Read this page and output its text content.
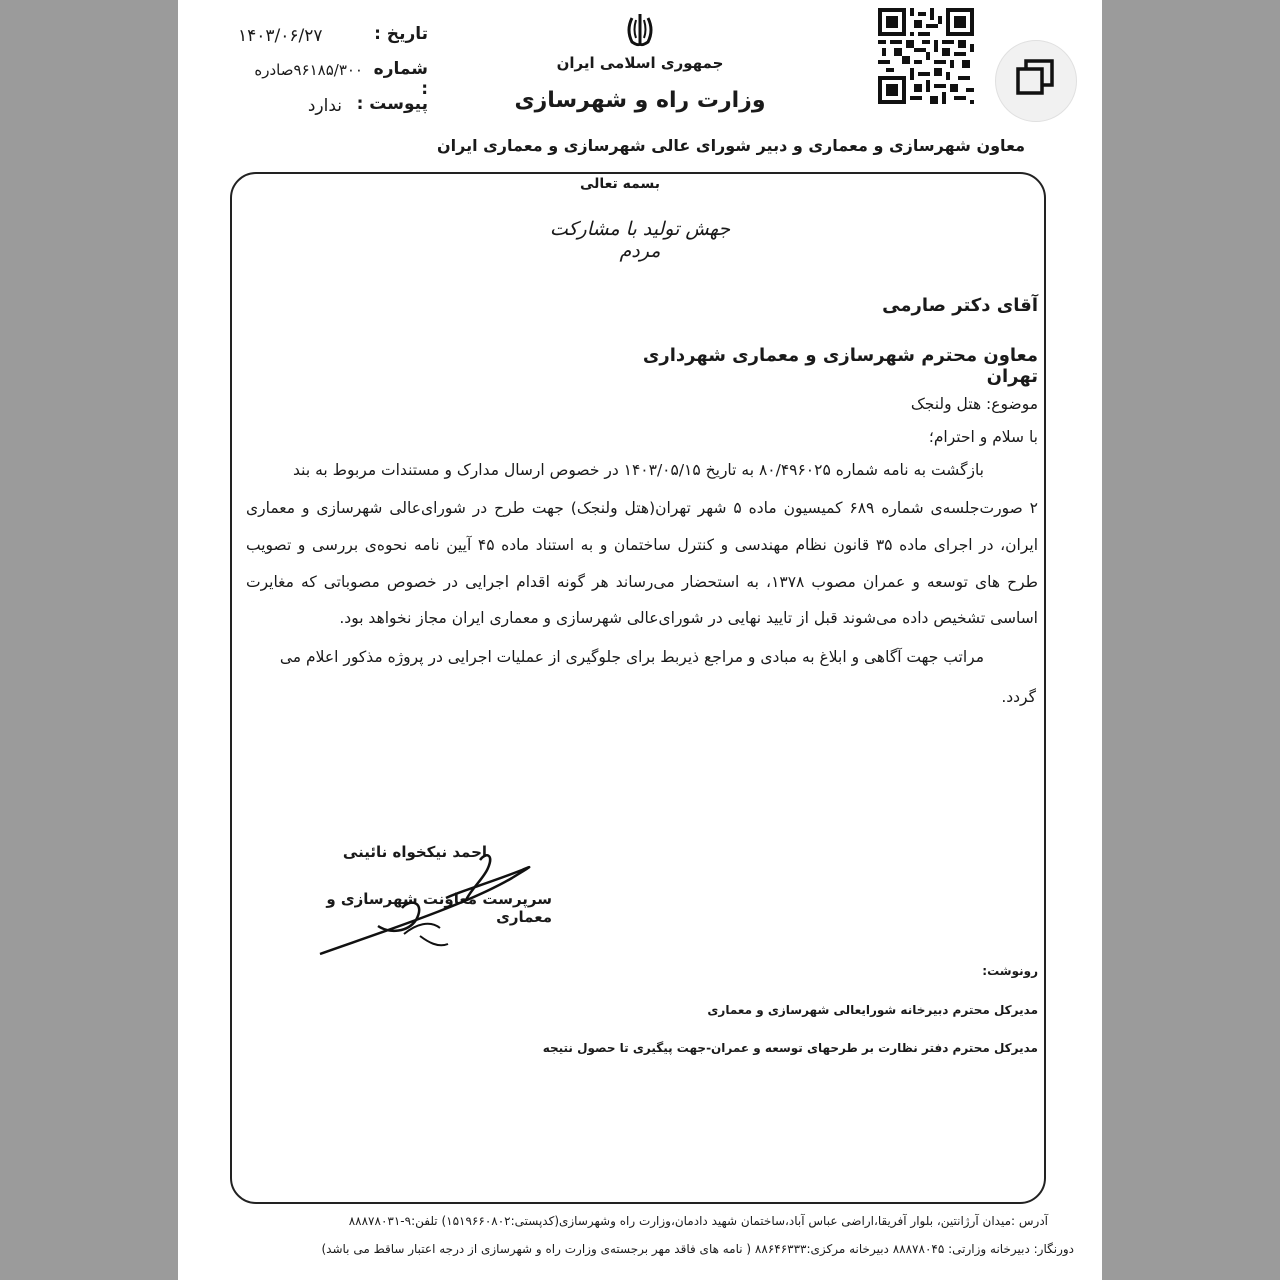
تاریخ :
۱۴۰۳/۰۶/۲۷
شماره :
۹۶۱۸۵/۳۰۰صادره
پیوست :
ندارد
جمهوری اسلامی ایران
وزارت راه و شهرسازی
معاون شهرسازی و معماری و دبیر شورای عالی شهرسازی و معماری ایران
بسمه تعالی
جهش تولید با مشارکت مردم
آقای دکتر صارمی
معاون محترم شهرسازی و معماری شهرداری تهران
موضوع: هتل ولنجک
با سلام و احترام؛
بازگشت به نامه شماره ۸۰/۴۹۶۰۲۵ به تاریخ ۱۴۰۳/۰۵/۱۵ در خصوص ارسال مدارک و مستندات مربوط به بند
۲ صورت‌جلسه‌ی شماره ۶۸۹ کمیسیون ماده ۵ شهر تهران(هتل ولنجک) جهت طرح در شورای‌عالی شهرسازی و معماری
ایران، در اجرای ماده ۳۵ قانون نظام مهندسی و کنترل ساختمان و به استناد ماده ۴۵ آیین نامه نحوه‌ی بررسی و تصویب
طرح های توسعه و عمران مصوب ۱۳۷۸، به استحضار می‌رساند هر گونه اقدام اجرایی در خصوص مصوباتی که مغایرت
اساسی تشخیص داده می‌شوند قبل از تایید نهایی در شورای‌عالی شهرسازی و معماری ایران مجاز نخواهد بود.
مراتب جهت آگاهی و ابلاغ به مبادی و مراجع ذیربط برای جلوگیری از عملیات اجرایی در پروژه مذکور اعلام می
گردد.
احمد نیکخواه نائینی
سرپرست معاونت شهرسازی و معماری
رونوشت:
مدیرکل محترم دبیرخانه شورایعالی شهرسازی و معماری
مدیرکل محترم دفتر نظارت بر طرحهای توسعه و عمران-جهت پیگیری تا حصول نتیجه
آدرس :میدان آرژانتین، بلوار آفریقا،اراضی عباس آباد،ساختمان شهید دادمان،وزارت راه وشهرسازی(کدپستی:۱۵۱۹۶۶۰۸۰۲) تلفن:۹-۸۸۸۷۸۰۳۱
دورنگار: دبیرخانه وزارتی: ۸۸۸۷۸۰۴۵ دبیرخانه مرکزی:۸۸۶۴۶۳۳۳ ( نامه های فاقد مهر برجسته‌ی وزارت راه و شهرسازی از درجه اعتبار ساقط می باشد)
